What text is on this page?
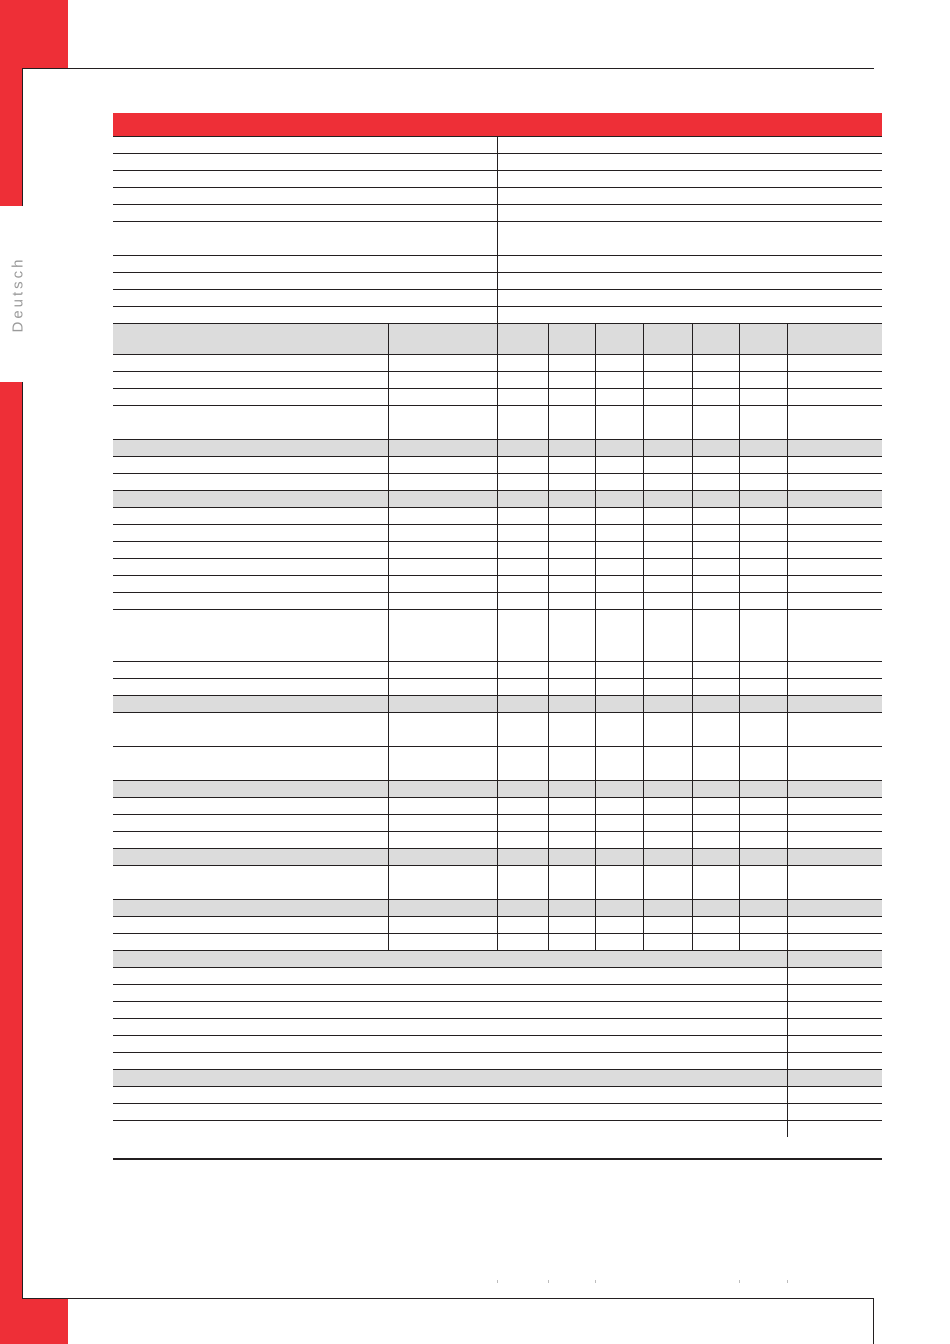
Deutsch
